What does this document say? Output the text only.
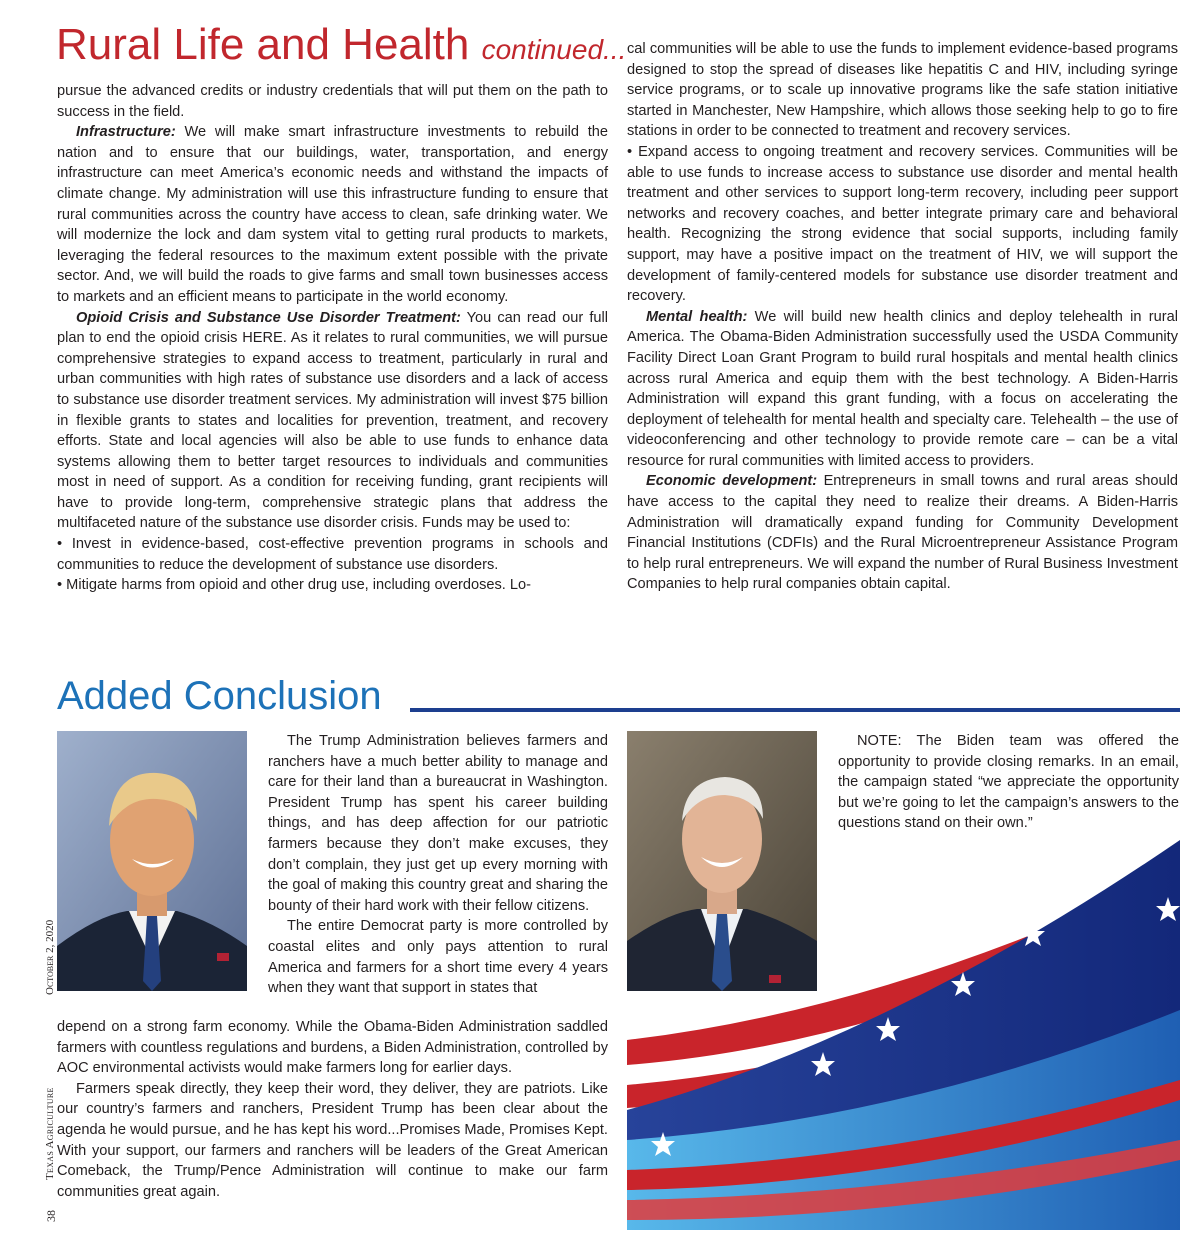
Rural Life and Health continued...

pursue the advanced credits or industry credentials that will put them on the path to success in the field.

Infrastructure: We will make smart infrastructure investments to rebuild the nation and to ensure that our buildings, water, transportation, and energy infrastructure can meet America’s economic needs and withstand the impacts of climate change. My administration will use this infrastructure funding to ensure that rural communities across the country have access to clean, safe drinking water. We will modernize the lock and dam system vital to getting rural products to markets, leveraging the federal resources to the maximum extent possible with the private sector. And, we will build the roads to give farms and small town businesses access to markets and an efficient means to participate in the world economy.

Opioid Crisis and Substance Use Disorder Treatment: You can read our full plan to end the opioid crisis HERE. As it relates to rural communities, we will pursue comprehensive strategies to expand access to treatment, particularly in rural and urban communities with high rates of substance use disorders and a lack of access to substance use disorder treatment services. My administration will invest $75 billion in flexible grants to states and localities for prevention, treatment, and recovery efforts. State and local agencies will also be able to use funds to enhance data systems allowing them to better target resources to individuals and communities most in need of support. As a condition for receiving funding, grant recipients will have to provide long-term, comprehensive strategic plans that address the multifaceted nature of the substance use disorder crisis. Funds may be used to:

• Invest in evidence-based, cost-effective prevention programs in schools and communities to reduce the development of substance use disorders.

• Mitigate harms from opioid and other drug use, including overdoses. Lo-

cal communities will be able to use the funds to implement evidence-based programs designed to stop the spread of diseases like hepatitis C and HIV, including syringe service programs, or to scale up innovative programs like the safe station initiative started in Manchester, New Hampshire, which allows those seeking help to go to fire stations in order to be connected to treatment and recovery services.

• Expand access to ongoing treatment and recovery services. Communities will be able to use funds to increase access to substance use disorder and mental health treatment and other services to support long-term recovery, including peer support networks and recovery coaches, and better integrate primary care and behavioral health. Recognizing the strong evidence that social supports, including family support, may have a positive impact on the treatment of HIV, we will support the development of family-centered models for substance use disorder treatment and recovery.

Mental health: We will build new health clinics and deploy telehealth in rural America. The Obama-Biden Administration successfully used the USDA Community Facility Direct Loan Grant Program to build rural hospitals and mental health clinics across rural America and equip them with the best technology. A Biden-Harris Administration will expand this grant funding, with a focus on accelerating the deployment of telehealth for mental health and specialty care. Telehealth – the use of videoconferencing and other technology to provide remote care – can be a vital resource for rural communities with limited access to providers.

Economic development: Entrepreneurs in small towns and rural areas should have access to the capital they need to realize their dreams. A Biden-Harris Administration will dramatically expand funding for Community Development Financial Institutions (CDFIs) and the Rural Microentrepreneur Assistance Program to help rural entrepreneurs. We will expand the number of Rural Business Investment Companies to help rural companies obtain capital.

Added Conclusion

The Trump Administration believes farmers and ranchers have a much better ability to manage and care for their land than a bureaucrat in Washington. President Trump has spent his career building things, and has deep affection for our patriotic farmers because they don’t make excuses, they don’t complain, they just get up every morning with the goal of making this country great and sharing the bounty of their hard work with their fellow citizens.

The entire Democrat party is more controlled by coastal elites and only pays attention to rural America and farmers for a short time every 4 years when they want that support in states that

depend on a strong farm economy. While the Obama-Biden Administration saddled farmers with countless regulations and burdens, a Biden Administration, controlled by AOC environmental activists would make farmers long for earlier days.

Farmers speak directly, they keep their word, they deliver, they are patriots. Like our country’s farmers and ranchers, President Trump has been clear about the agenda he would pursue, and he has kept his word...Promises Made, Promises Kept. With your support, our farmers and ranchers will be leaders of the Great American Comeback, the Trump/Pence Administration will continue to make our farm communities great again.

NOTE: The Biden team was offered the opportunity to provide closing remarks. In an email, the campaign stated “we appreciate the opportunity but we’re going to let the campaign’s answers to the questions stand on their own.”
38
Texas Agriculture
October 2, 2020
